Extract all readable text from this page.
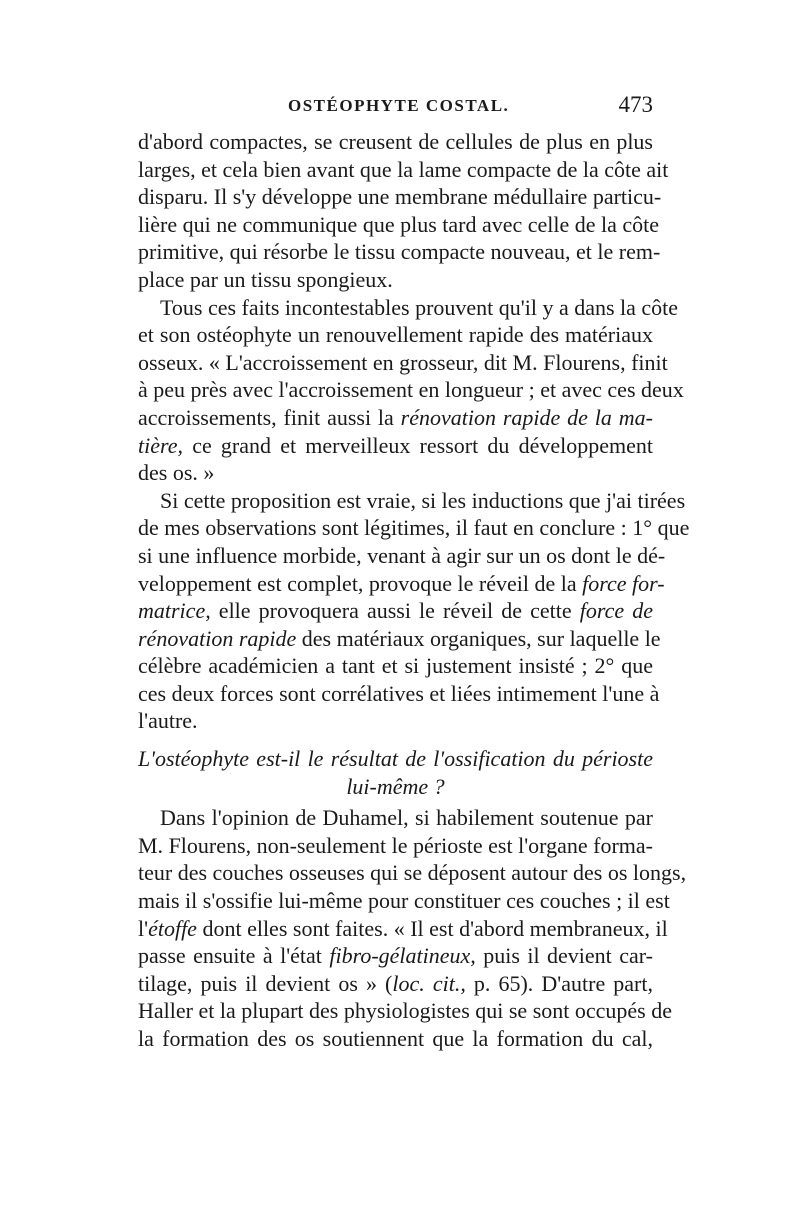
OSTÉOPHYTE COSTAL.	473
d'abord compactes, se creusent de cellules de plus en plus
larges, et cela bien avant que la lame compacte de la côte ait
disparu. Il s'y développe une membrane médullaire particu-
lière qui ne communique que plus tard avec celle de la côte
primitive, qui résorbe le tissu compacte nouveau, et le rem-
place par un tissu spongieux.
Tous ces faits incontestables prouvent qu'il y a dans la côte
et son ostéophyte un renouvellement rapide des matériaux
osseux. « L'accroissement en grosseur, dit M. Flourens, finit
à peu près avec l'accroissement en longueur ; et avec ces deux
accroissements, finit aussi la rénovation rapide de la ma-
tière, ce grand et merveilleux ressort du développement
des os. »
Si cette proposition est vraie, si les inductions que j'ai tirées
de mes observations sont légitimes, il faut en conclure : 1° que
si une influence morbide, venant à agir sur un os dont le dé-
veloppement est complet, provoque le réveil de la force for-
matrice, elle provoquera aussi le réveil de cette force de
rénovation rapide des matériaux organiques, sur laquelle le
célèbre académicien a tant et si justement insisté ; 2° que
ces deux forces sont corrélatives et liées intimement l'une à
l'autre.
L'ostéophyte est-il le résultat de l'ossification du périoste
lui-même ?
Dans l'opinion de Duhamel, si habilement soutenue par
M. Flourens, non-seulement le périoste est l'organe forma-
teur des couches osseuses qui se déposent autour des os longs,
mais il s'ossifie lui-même pour constituer ces couches ; il est
l'étoffe dont elles sont faites. « Il est d'abord membraneux, il
passe ensuite à l'état fibro-gélatineux, puis il devient car-
tilage, puis il devient os » (loc. cit., p. 65). D'autre part,
Haller et la plupart des physiologistes qui se sont occupés de
la formation des os soutiennent que la formation du cal,
